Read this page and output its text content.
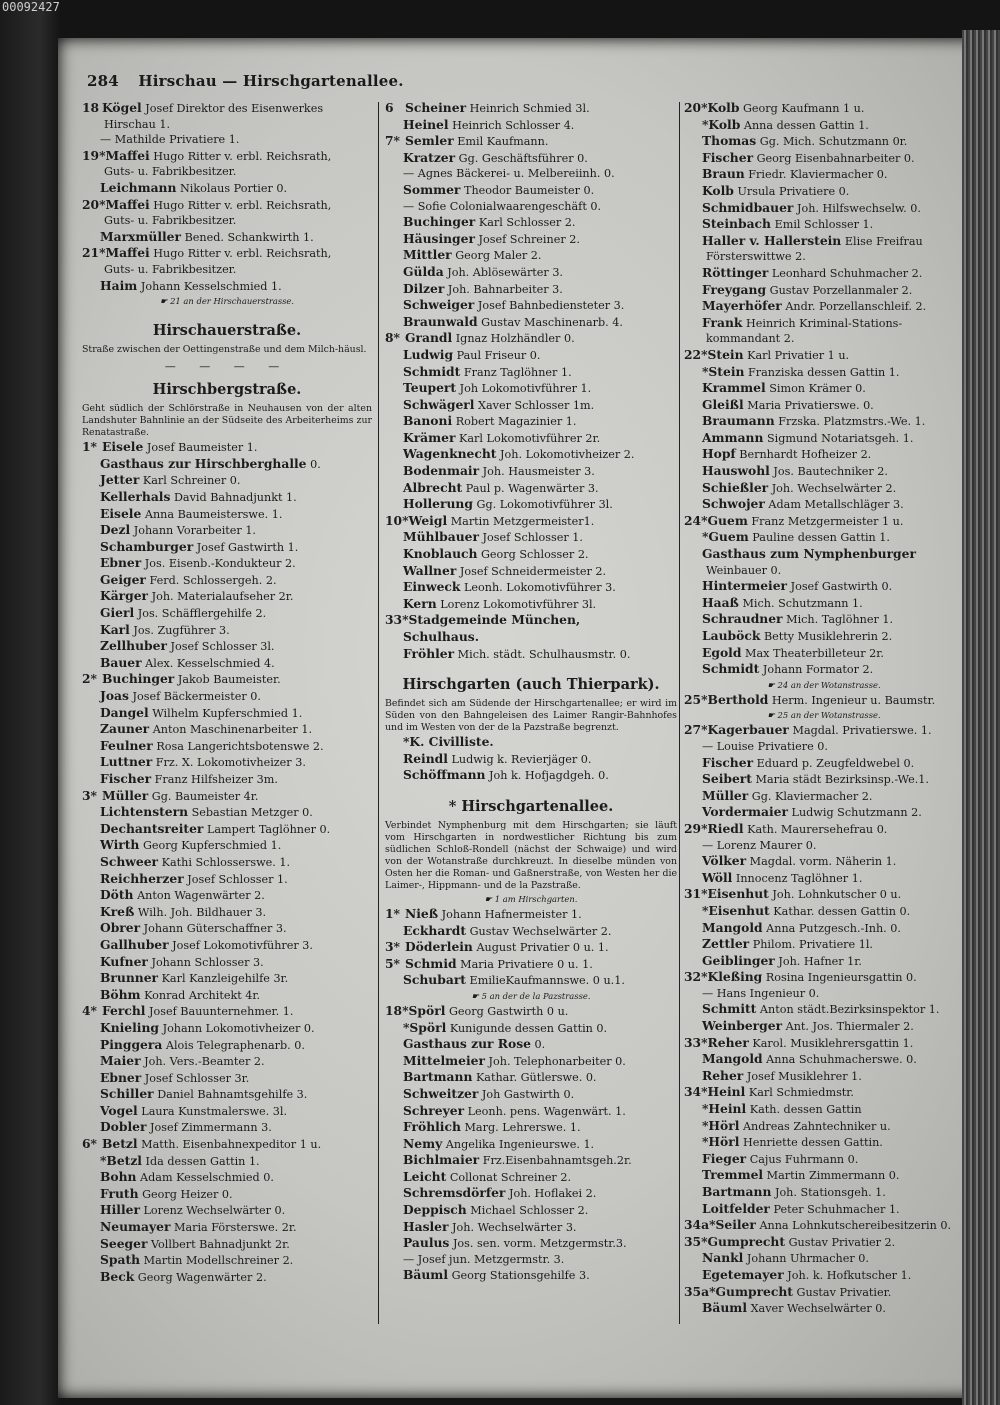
00092427
284 Hirschau — Hirschgartenallee.
18 Kögel Josef Direktor des Eisenwerkes
Hirschau 1.
— Mathilde Privatiere 1.
19*Maffei Hugo Ritter v. erbl. Reichsrath,
Guts- u. Fabrikbesitzer.
Leichmann Nikolaus Portier 0.
20*Maffei Hugo Ritter v. erbl. Reichsrath,
Guts- u. Fabrikbesitzer.
Marxmüller Bened. Schankwirth 1.
21*Maffei Hugo Ritter v. erbl. Reichsrath,
Guts- u. Fabrikbesitzer.
Haim Johann Kesselschmied 1.
☛ 21 an der Hirschauerstrasse.
Hirschauerstraße.
Straße zwischen der Oettingenstraße und dem Milch-häusl.
— — — —
Hirschbergstraße.
Geht südlich der Schlörstraße in Neuhausen von der alten Landshuter Bahnlinie an der Südseite des Arbeiterheims zur Renatastraße.
1* Eisele Josef Baumeister 1.
Gasthaus zur Hirschberghalle 0.
Jetter Karl Schreiner 0.
Kellerhals David Bahnadjunkt 1.
Eisele Anna Baumeisterswe. 1.
Dezl Johann Vorarbeiter 1.
Schamburger Josef Gastwirth 1.
Ebner Jos. Eisenb.-Kondukteur 2.
Geiger Ferd. Schlossergeh. 2.
Kärger Joh. Materialaufseher 2r.
Gierl Jos. Schäfflergehilfe 2.
Karl Jos. Zugführer 3.
Zellhuber Josef Schlosser 3l.
Bauer Alex. Kesselschmied 4.
2* Buchinger Jakob Baumeister.
Joas Josef Bäckermeister 0.
Dangel Wilhelm Kupferschmied 1.
Zauner Anton Maschinenarbeiter 1.
Feulner Rosa Langerichtsbotenswe 2.
Luttner Frz. X. Lokomotivheizer 3.
Fischer Franz Hilfsheizer 3m.
3* Müller Gg. Baumeister 4r.
Lichtenstern Sebastian Metzger 0.
Dechantsreiter Lampert Taglöhner 0.
Wirth Georg Kupferschmied 1.
Schweer Kathi Schlosserswe. 1.
Reichherzer Josef Schlosser 1.
Döth Anton Wagenwärter 2.
Kreß Wilh. Joh. Bildhauer 3.
Obrer Johann Güterschaffner 3.
Gallhuber Josef Lokomotivführer 3.
Kufner Johann Schlosser 3.
Brunner Karl Kanzleigehilfe 3r.
Böhm Konrad Architekt 4r.
4* Ferchl Josef Bauunternehmer. 1.
Knieling Johann Lokomotivheizer 0.
Pinggera Alois Telegraphenarb. 0.
Maier Joh. Vers.-Beamter 2.
Ebner Josef Schlosser 3r.
Schiller Daniel Bahnamtsgehilfe 3.
Vogel Laura Kunstmalerswe. 3l.
Dobler Josef Zimmermann 3.
6* Betzl Matth. Eisenbahnexpeditor 1 u.
*Betzl Ida dessen Gattin 1.
Bohn Adam Kesselschmied 0.
Fruth Georg Heizer 0.
Hiller Lorenz Wechselwärter 0.
Neumayer Maria Försterswe. 2r.
Seeger Vollbert Bahnadjunkt 2r.
Spath Martin Modellschreiner 2.
Beck Georg Wagenwärter 2.
6 Scheiner Heinrich Schmied 3l.
Heinel Heinrich Schlosser 4.
7* Semler Emil Kaufmann.
Kratzer Gg. Geschäftsführer 0.
— Agnes Bäckerei- u. Melbereiinh. 0.
Sommer Theodor Baumeister 0.
— Sofie Colonialwaarengeschäft 0.
Buchinger Karl Schlosser 2.
Häusinger Josef Schreiner 2.
Mittler Georg Maler 2.
Gülda Joh. Ablösewärter 3.
Dilzer Joh. Bahnarbeiter 3.
Schweiger Josef Bahnbediensteter 3.
Braunwald Gustav Maschinenarb. 4.
8* Grandl Ignaz Holzhändler 0.
Ludwig Paul Friseur 0.
Schmidt Franz Taglöhner 1.
Teupert Joh Lokomotivführer 1.
Schwägerl Xaver Schlosser 1m.
Banoni Robert Magazinier 1.
Krämer Karl Lokomotivführer 2r.
Wagenknecht Joh. Lokomotivheizer 2.
Bodenmair Joh. Hausmeister 3.
Albrecht Paul p. Wagenwärter 3.
Hollerung Gg. Lokomotivführer 3l.
10*Weigl Martin Metzgermeister1.
Mühlbauer Josef Schlosser 1.
Knoblauch Georg Schlosser 2.
Wallner Josef Schneidermeister 2.
Einweck Leonh. Lokomotivführer 3.
Kern Lorenz Lokomotivführer 3l.
33*Stadgemeinde München,
Schulhaus.
Fröhler Mich. städt. Schulhausmstr. 0.
Hirschgarten (auch Thierpark).
Befindet sich am Südende der Hirschgartenallee; er wird im Süden von den Bahngeleisen des Laimer Rangir-Bahnhofes und im Westen von der de la Pazstraße begrenzt.
*K. Civilliste.
Reindl Ludwig k. Revierjäger 0.
Schöffmann Joh k. Hofjagdgeh. 0.
* Hirschgartenallee.
Verbindet Nymphenburg mit dem Hirschgarten; sie läuft vom Hirschgarten in nordwestlicher Richtung bis zum südlichen Schloß-Rondell (nächst der Schwaige) und wird von der Wotanstraße durchkreuzt. In dieselbe münden von Osten her die Roman- und Gaßnerstraße, von Westen her die Laimer-, Hippmann- und de la Pazstraße.
☛ 1 am Hirschgarten.
1* Nieß Johann Hafnermeister 1.
Eckhardt Gustav Wechselwärter 2.
3* Döderlein August Privatier 0 u. 1.
5* Schmid Maria Privatiere 0 u. 1.
Schubart EmilieKaufmannswe. 0 u.1.
☛ 5 an der de la Pazstrasse.
18*Spörl Georg Gastwirth 0 u.
*Spörl Kunigunde dessen Gattin 0.
Gasthaus zur Rose 0.
Mittelmeier Joh. Telephonarbeiter 0.
Bartmann Kathar. Gütlerswe. 0.
Schweitzer Joh Gastwirth 0.
Schreyer Leonh. pens. Wagenwärt. 1.
Fröhlich Marg. Lehrerswe. 1.
Nemy Angelika Ingenieurswe. 1.
Bichlmaier Frz.Eisenbahnamtsgeh.2r.
Leicht Collonat Schreiner 2.
Schremsdörfer Joh. Hoflakei 2.
Deppisch Michael Schlosser 2.
Hasler Joh. Wechselwärter 3.
Paulus Jos. sen. vorm. Metzgermstr.3.
— Josef jun. Metzgermstr. 3.
Bäuml Georg Stationsgehilfe 3.
20*Kolb Georg Kaufmann 1 u.
*Kolb Anna dessen Gattin 1.
Thomas Gg. Mich. Schutzmann 0r.
Fischer Georg Eisenbahnarbeiter 0.
Braun Friedr. Klaviermacher 0.
Kolb Ursula Privatiere 0.
Schmidbauer Joh. Hilfswechselw. 0.
Steinbach Emil Schlosser 1.
Haller v. Hallerstein Elise Freifrau
Försterswittwe 2.
Röttinger Leonhard Schuhmacher 2.
Freygang Gustav Porzellanmaler 2.
Mayerhöfer Andr. Porzellanschleif. 2.
Frank Heinrich Kriminal-Stations-
kommandant 2.
22*Stein Karl Privatier 1 u.
*Stein Franziska dessen Gattin 1.
Krammel Simon Krämer 0.
Gleißl Maria Privatierswe. 0.
Braumann Frzska. Platzmstrs.-We. 1.
Ammann Sigmund Notariatsgeh. 1.
Hopf Bernhardt Hofheizer 2.
Hauswohl Jos. Bautechniker 2.
Schießler Joh. Wechselwärter 2.
Schwojer Adam Metallschläger 3.
24*Guem Franz Metzgermeister 1 u.
*Guem Pauline dessen Gattin 1.
Gasthaus zum Nymphenburger
Weinbauer 0.
Hintermeier Josef Gastwirth 0.
Haaß Mich. Schutzmann 1.
Schraudner Mich. Taglöhner 1.
Lauböck Betty Musiklehrerin 2.
Egold Max Theaterbilleteur 2r.
Schmidt Johann Formator 2.
☛ 24 an der Wotanstrasse.
25*Berthold Herm. Ingenieur u. Baumstr.
☛ 25 an der Wotanstrasse.
27*Kagerbauer Magdal. Privatierswe. 1.
— Louise Privatiere 0.
Fischer Eduard p. Zeugfeldwebel 0.
Seibert Maria städt Bezirksinsp.-We.1.
Müller Gg. Klaviermacher 2.
Vordermaier Ludwig Schutzmann 2.
29*Riedl Kath. Maurersehefrau 0.
— Lorenz Maurer 0.
Völker Magdal. vorm. Näherin 1.
Wöll Innocenz Taglöhner 1.
31*Eisenhut Joh. Lohnkutscher 0 u.
*Eisenhut Kathar. dessen Gattin 0.
Mangold Anna Putzgesch.-Inh. 0.
Zettler Philom. Privatiere 1l.
Geiblinger Joh. Hafner 1r.
32*Kleßing Rosina Ingenieursgattin 0.
— Hans Ingenieur 0.
Schmitt Anton städt.Bezirksinspektor 1.
Weinberger Ant. Jos. Thiermaler 2.
33*Reher Karol. Musiklehrersgattin 1.
Mangold Anna Schuhmacherswe. 0.
Reher Josef Musiklehrer 1.
34*Heinl Karl Schmiedmstr.
*Heinl Kath. dessen Gattin
*Hörl Andreas Zahntechniker u.
*Hörl Henriette dessen Gattin.
Fieger Cajus Fuhrmann 0.
Tremmel Martin Zimmermann 0.
Bartmann Joh. Stationsgeh. 1.
Loitfelder Peter Schuhmacher 1.
34a*Seiler Anna Lohnkutschereibesitzerin 0.
35*Gumprecht Gustav Privatier 2.
Nankl Johann Uhrmacher 0.
Egetemayer Joh. k. Hofkutscher 1.
35a*Gumprecht Gustav Privatier.
Bäuml Xaver Wechselwärter 0.
